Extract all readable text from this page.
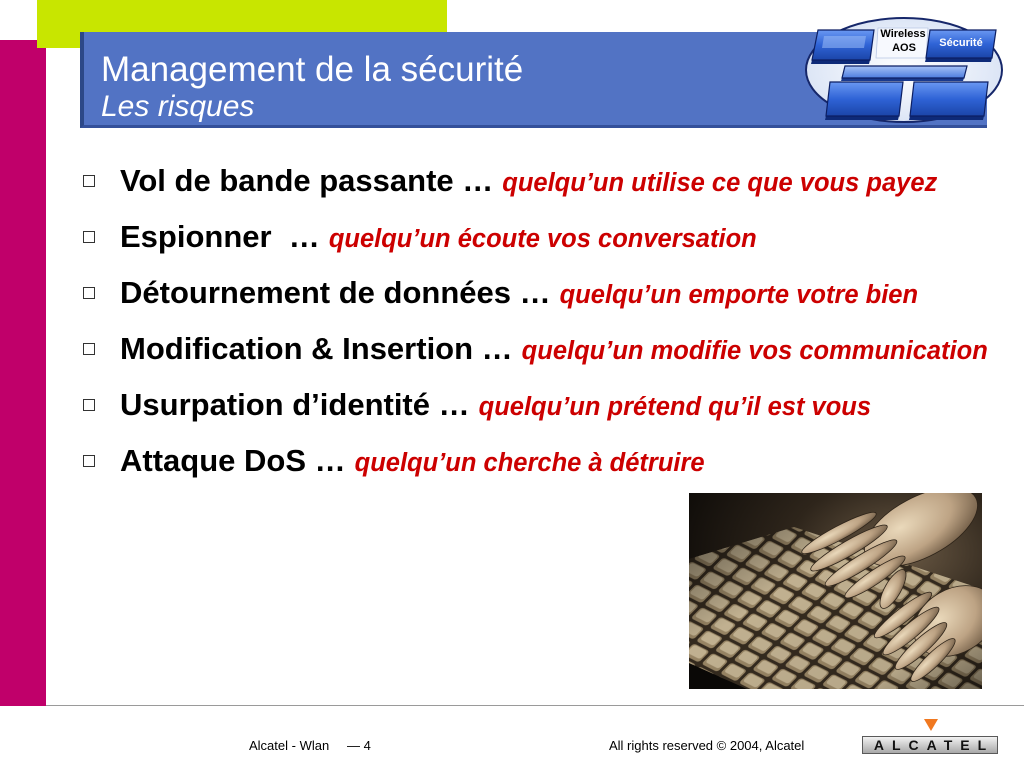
Management de la sécurité
Les risques
Wireless
AOS Sécurité
Vol de bande passante … quelqu’un utilise ce que vous payez
Espionner  … quelqu’un écoute vos conversation
Détournement de données … quelqu’un emporte votre bien
Modification & Insertion … quelqu’un modifie vos communication
Usurpation d’identité … quelqu’un prétend qu’il est vous
Attaque DoS … quelqu’un cherche à détruire
Alcatel - Wlan — 4	All rights reserved © 2004, Alcatel	ALCATEL
